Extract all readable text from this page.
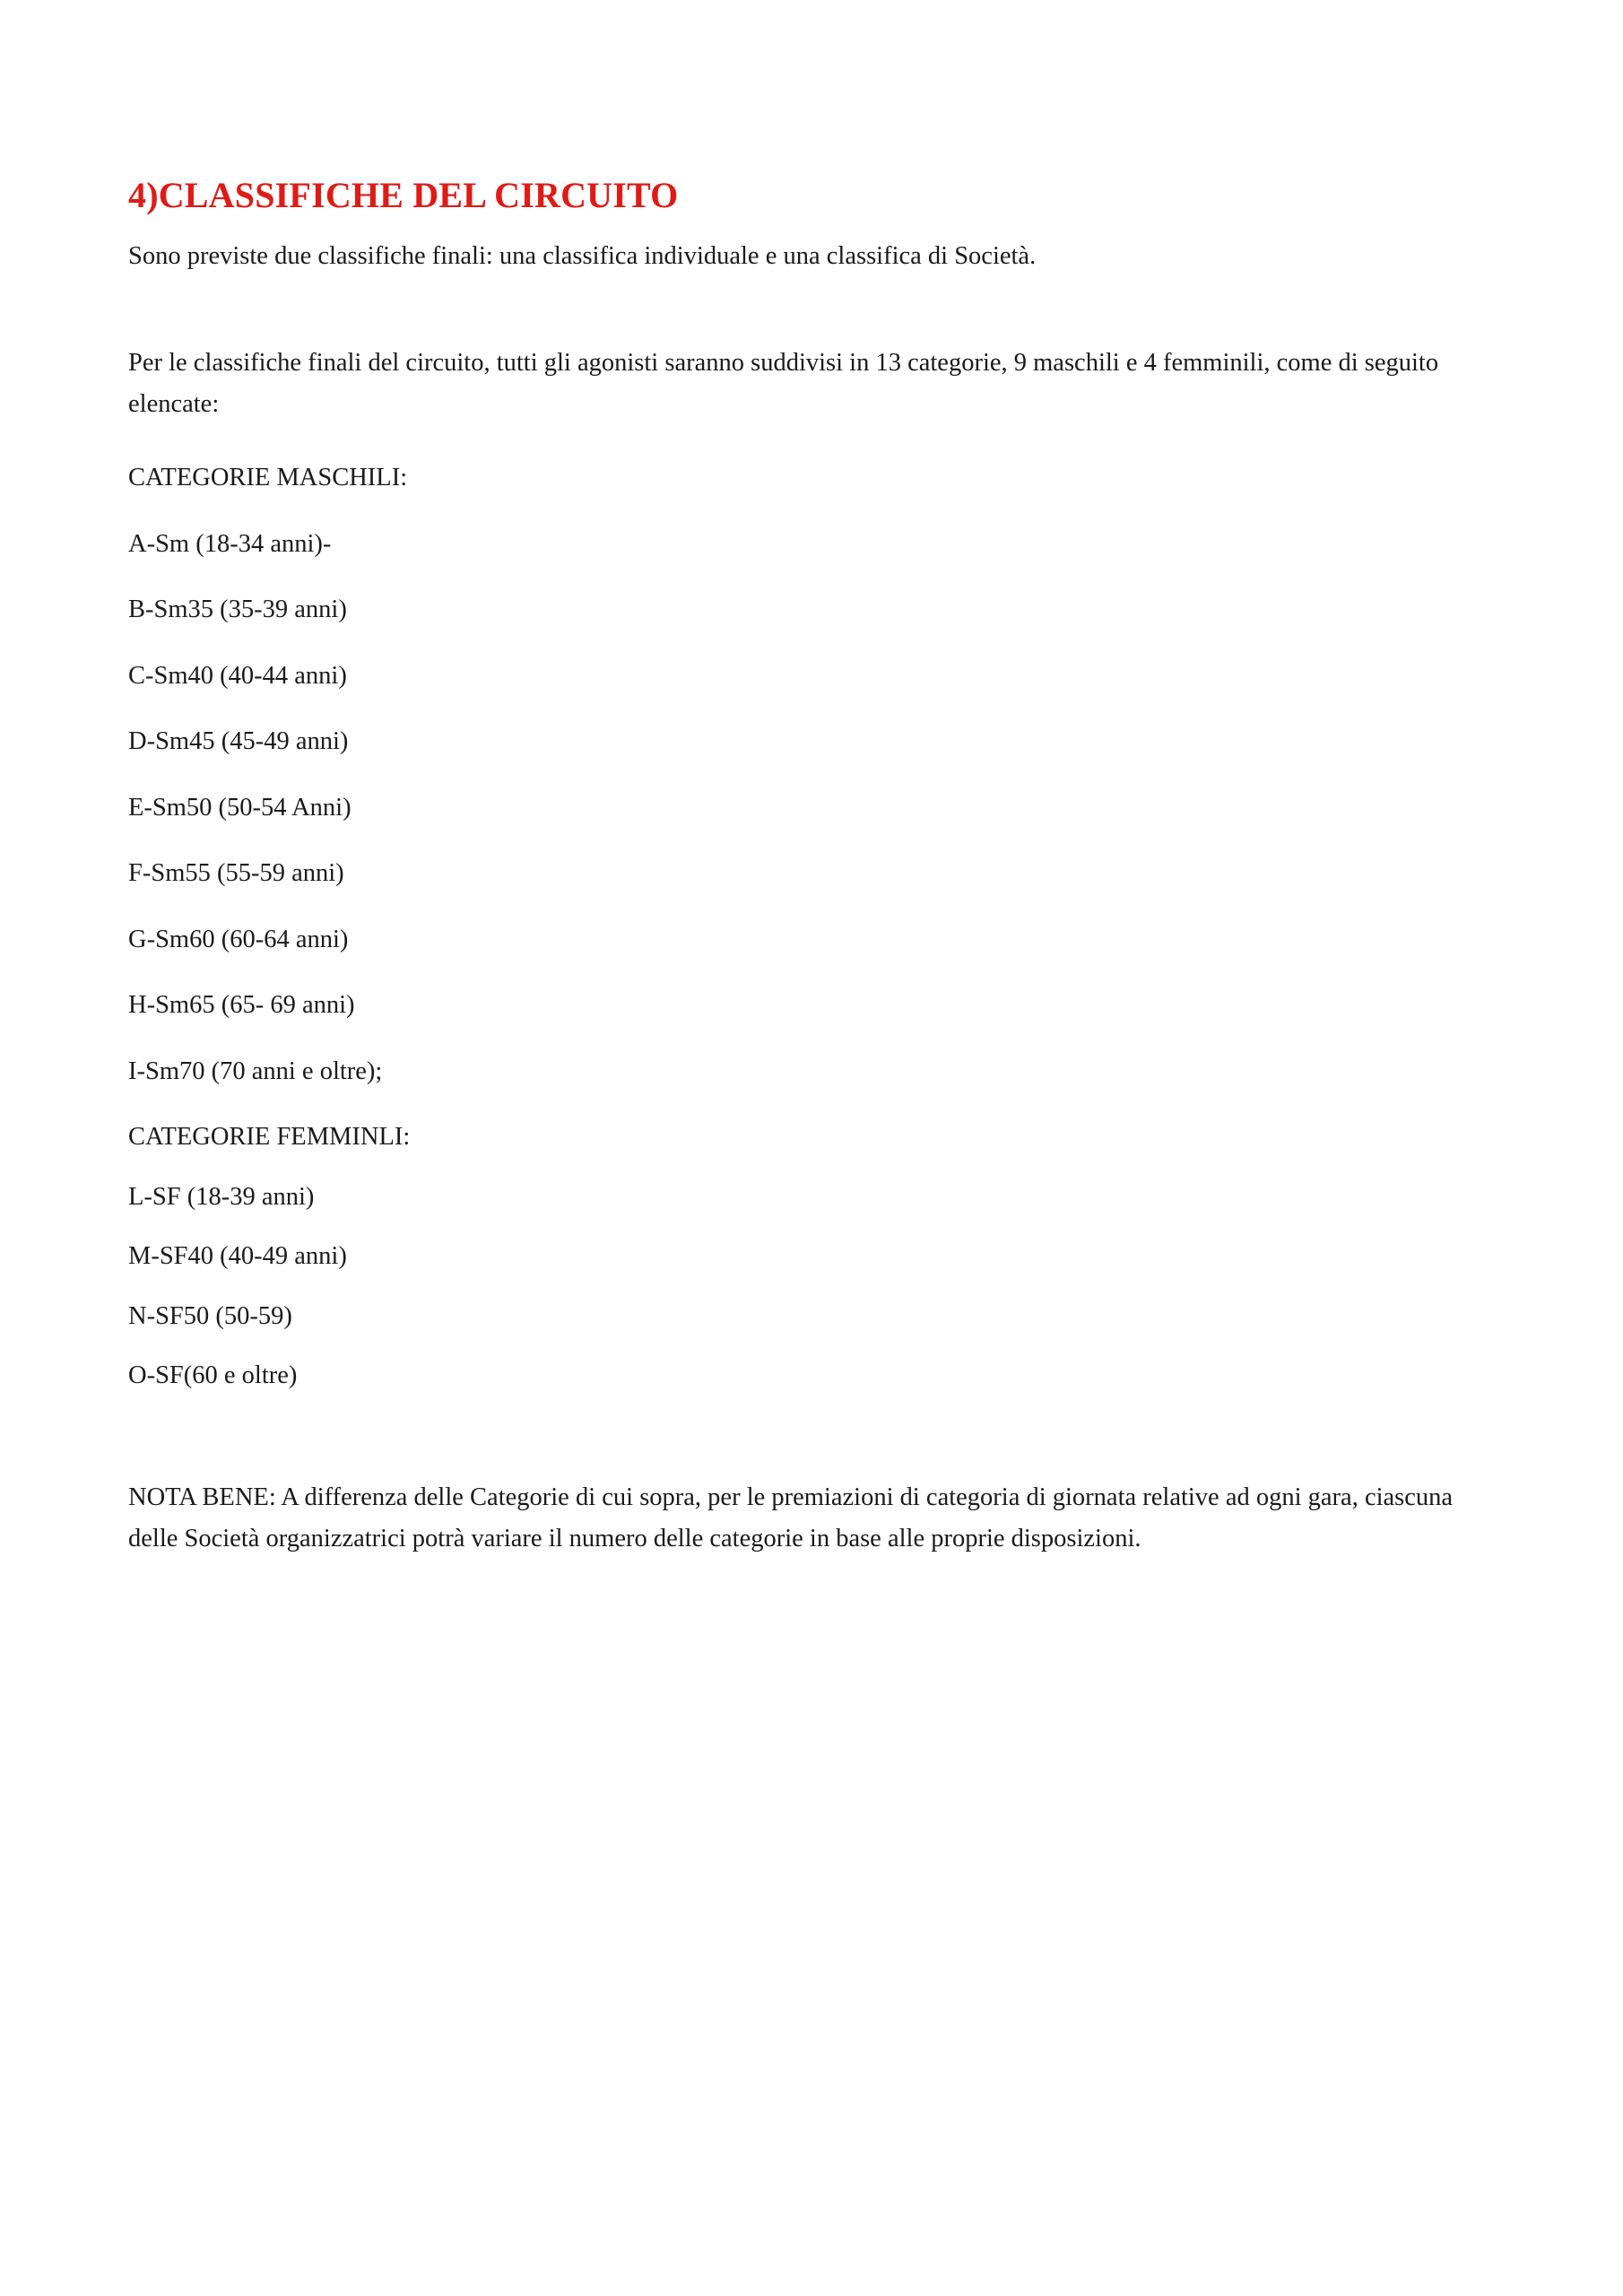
4)CLASSIFICHE DEL CIRCUITO

Sono previste due classifiche finali: una classifica individuale e una classifica di Società.

Per le classifiche finali del circuito, tutti gli agonisti saranno suddivisi in 13 categorie, 9 maschili e 4 femminili, come di seguito elencate:

CATEGORIE MASCHILI:

A-Sm (18-34 anni)-
B-Sm35 (35-39 anni)
C-Sm40 (40-44 anni)
D-Sm45 (45-49 anni)
E-Sm50 (50-54 Anni)
F-Sm55 (55-59 anni)
G-Sm60 (60-64 anni)
H-Sm65 (65- 69 anni)
I-Sm70 (70 anni e oltre);

CATEGORIE FEMMINLI:

L-SF (18-39 anni)
M-SF40 (40-49 anni)
N-SF50 (50-59)
O-SF(60 e oltre)

NOTA BENE: A differenza delle Categorie di cui sopra, per le premiazioni di categoria di giornata relative ad ogni gara, ciascuna delle Società organizzatrici potrà variare il numero delle categorie in base alle proprie disposizioni.
